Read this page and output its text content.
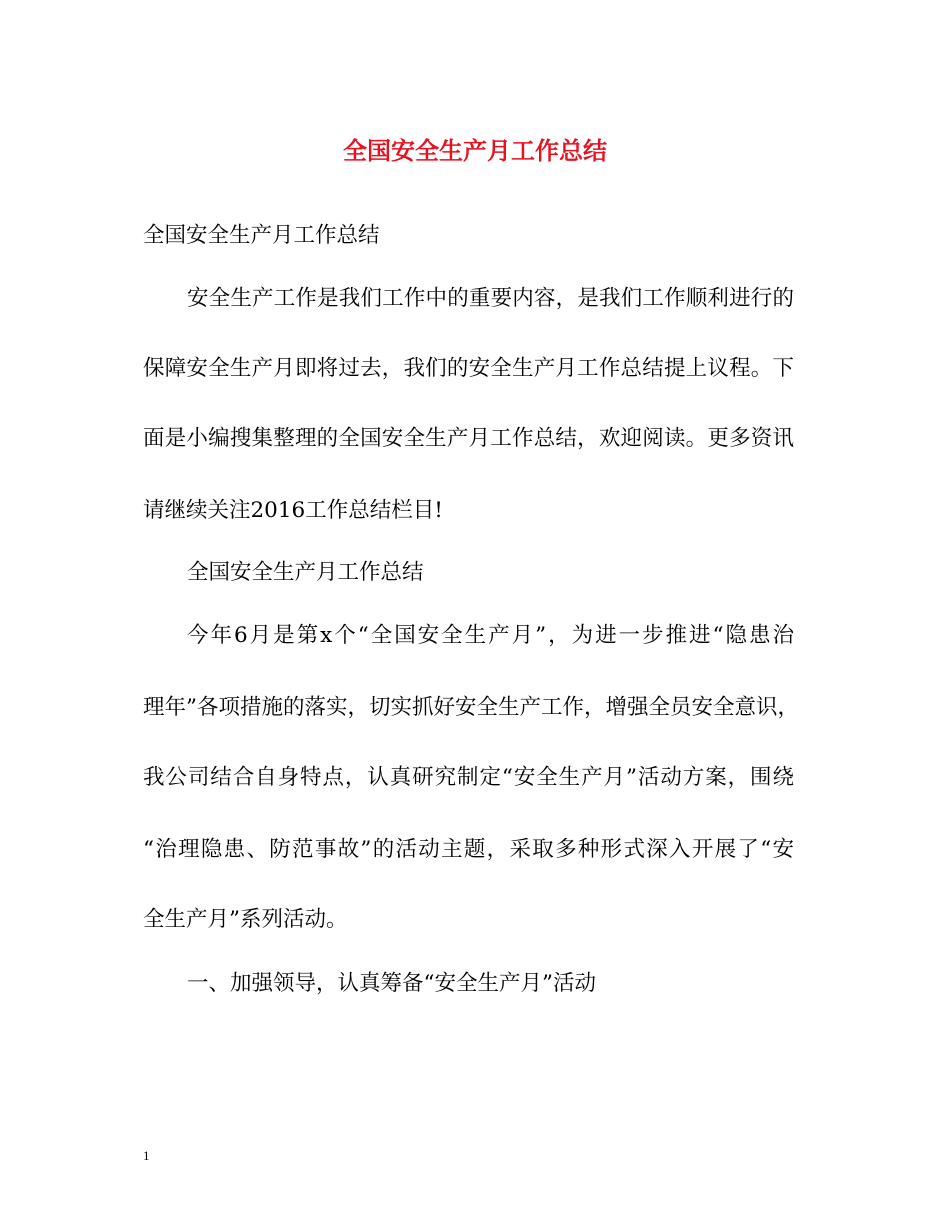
全国安全生产月工作总结
全国安全生产月工作总结
安全生产工作是我们工作中的重要内容，是我们工作顺利进行的
保障安全生产月即将过去，我们的安全生产月工作总结提上议程。下
面是小编搜集整理的全国安全生产月工作总结，欢迎阅读。更多资讯
请继续关注2016工作总结栏目!
全国安全生产月工作总结
今年6月是第x个“全国安全生产月”，为进一步推进“隐患治
理年”各项措施的落实，切实抓好安全生产工作，增强全员安全意识，
我公司结合自身特点，认真研究制定“安全生产月”活动方案，围绕
“治理隐患、防范事故”的活动主题，采取多种形式深入开展了“安
全生产月”系列活动。
一、加强领导，认真筹备“安全生产月”活动
1
